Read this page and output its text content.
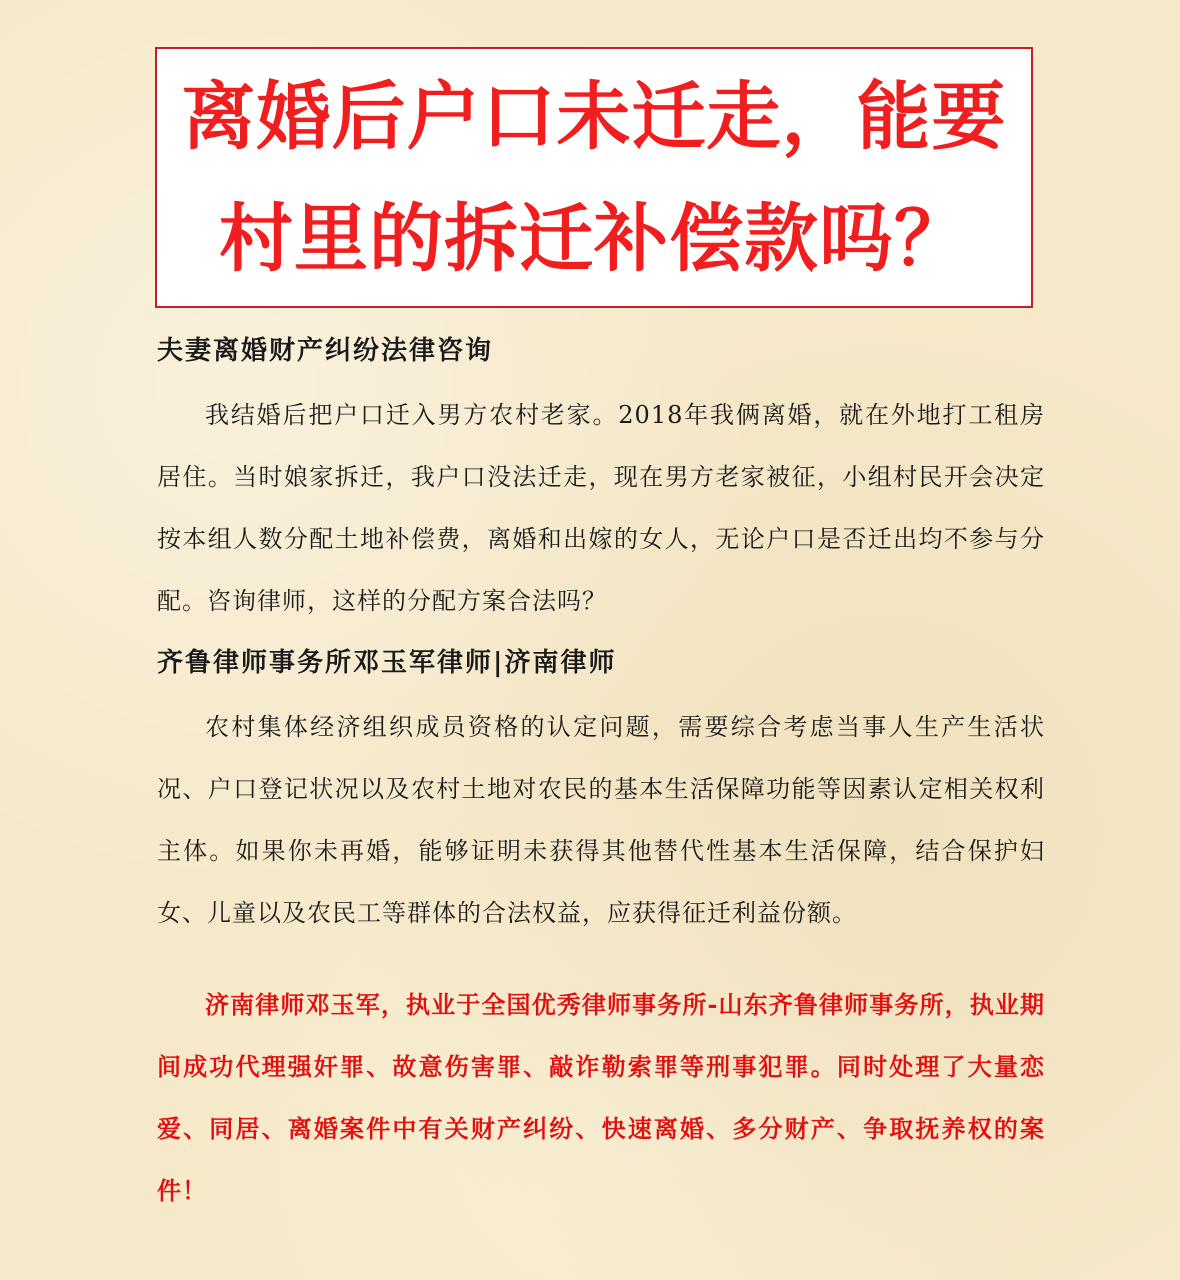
离婚后户口未迁走，能要
村里的拆迁补偿款吗？
夫妻离婚财产纠纷法律咨询

我结婚后把户口迁入男方农村老家。2018年我俩离婚，就在外地打工租房居住。当时娘家拆迁，我户口没法迁走，现在男方老家被征，小组村民开会决定按本组人数分配土地补偿费，离婚和出嫁的女人，无论户口是否迁出均不参与分配。咨询律师，这样的分配方案合法吗？

齐鲁律师事务所邓玉军律师|济南律师

农村集体经济组织成员资格的认定问题，需要综合考虑当事人生产生活状况、户口登记状况以及农村土地对农民的基本生活保障功能等因素认定相关权利主体。如果你未再婚，能够证明未获得其他替代性基本生活保障，结合保护妇女、儿童以及农民工等群体的合法权益，应获得征迁利益份额。

济南律师邓玉军，执业于全国优秀律师事务所-山东齐鲁律师事务所，执业期间成功代理强奸罪、故意伤害罪、敲诈勒索罪等刑事犯罪。同时处理了大量恋爱、同居、离婚案件中有关财产纠纷、快速离婚、多分财产、争取抚养权的案件！
